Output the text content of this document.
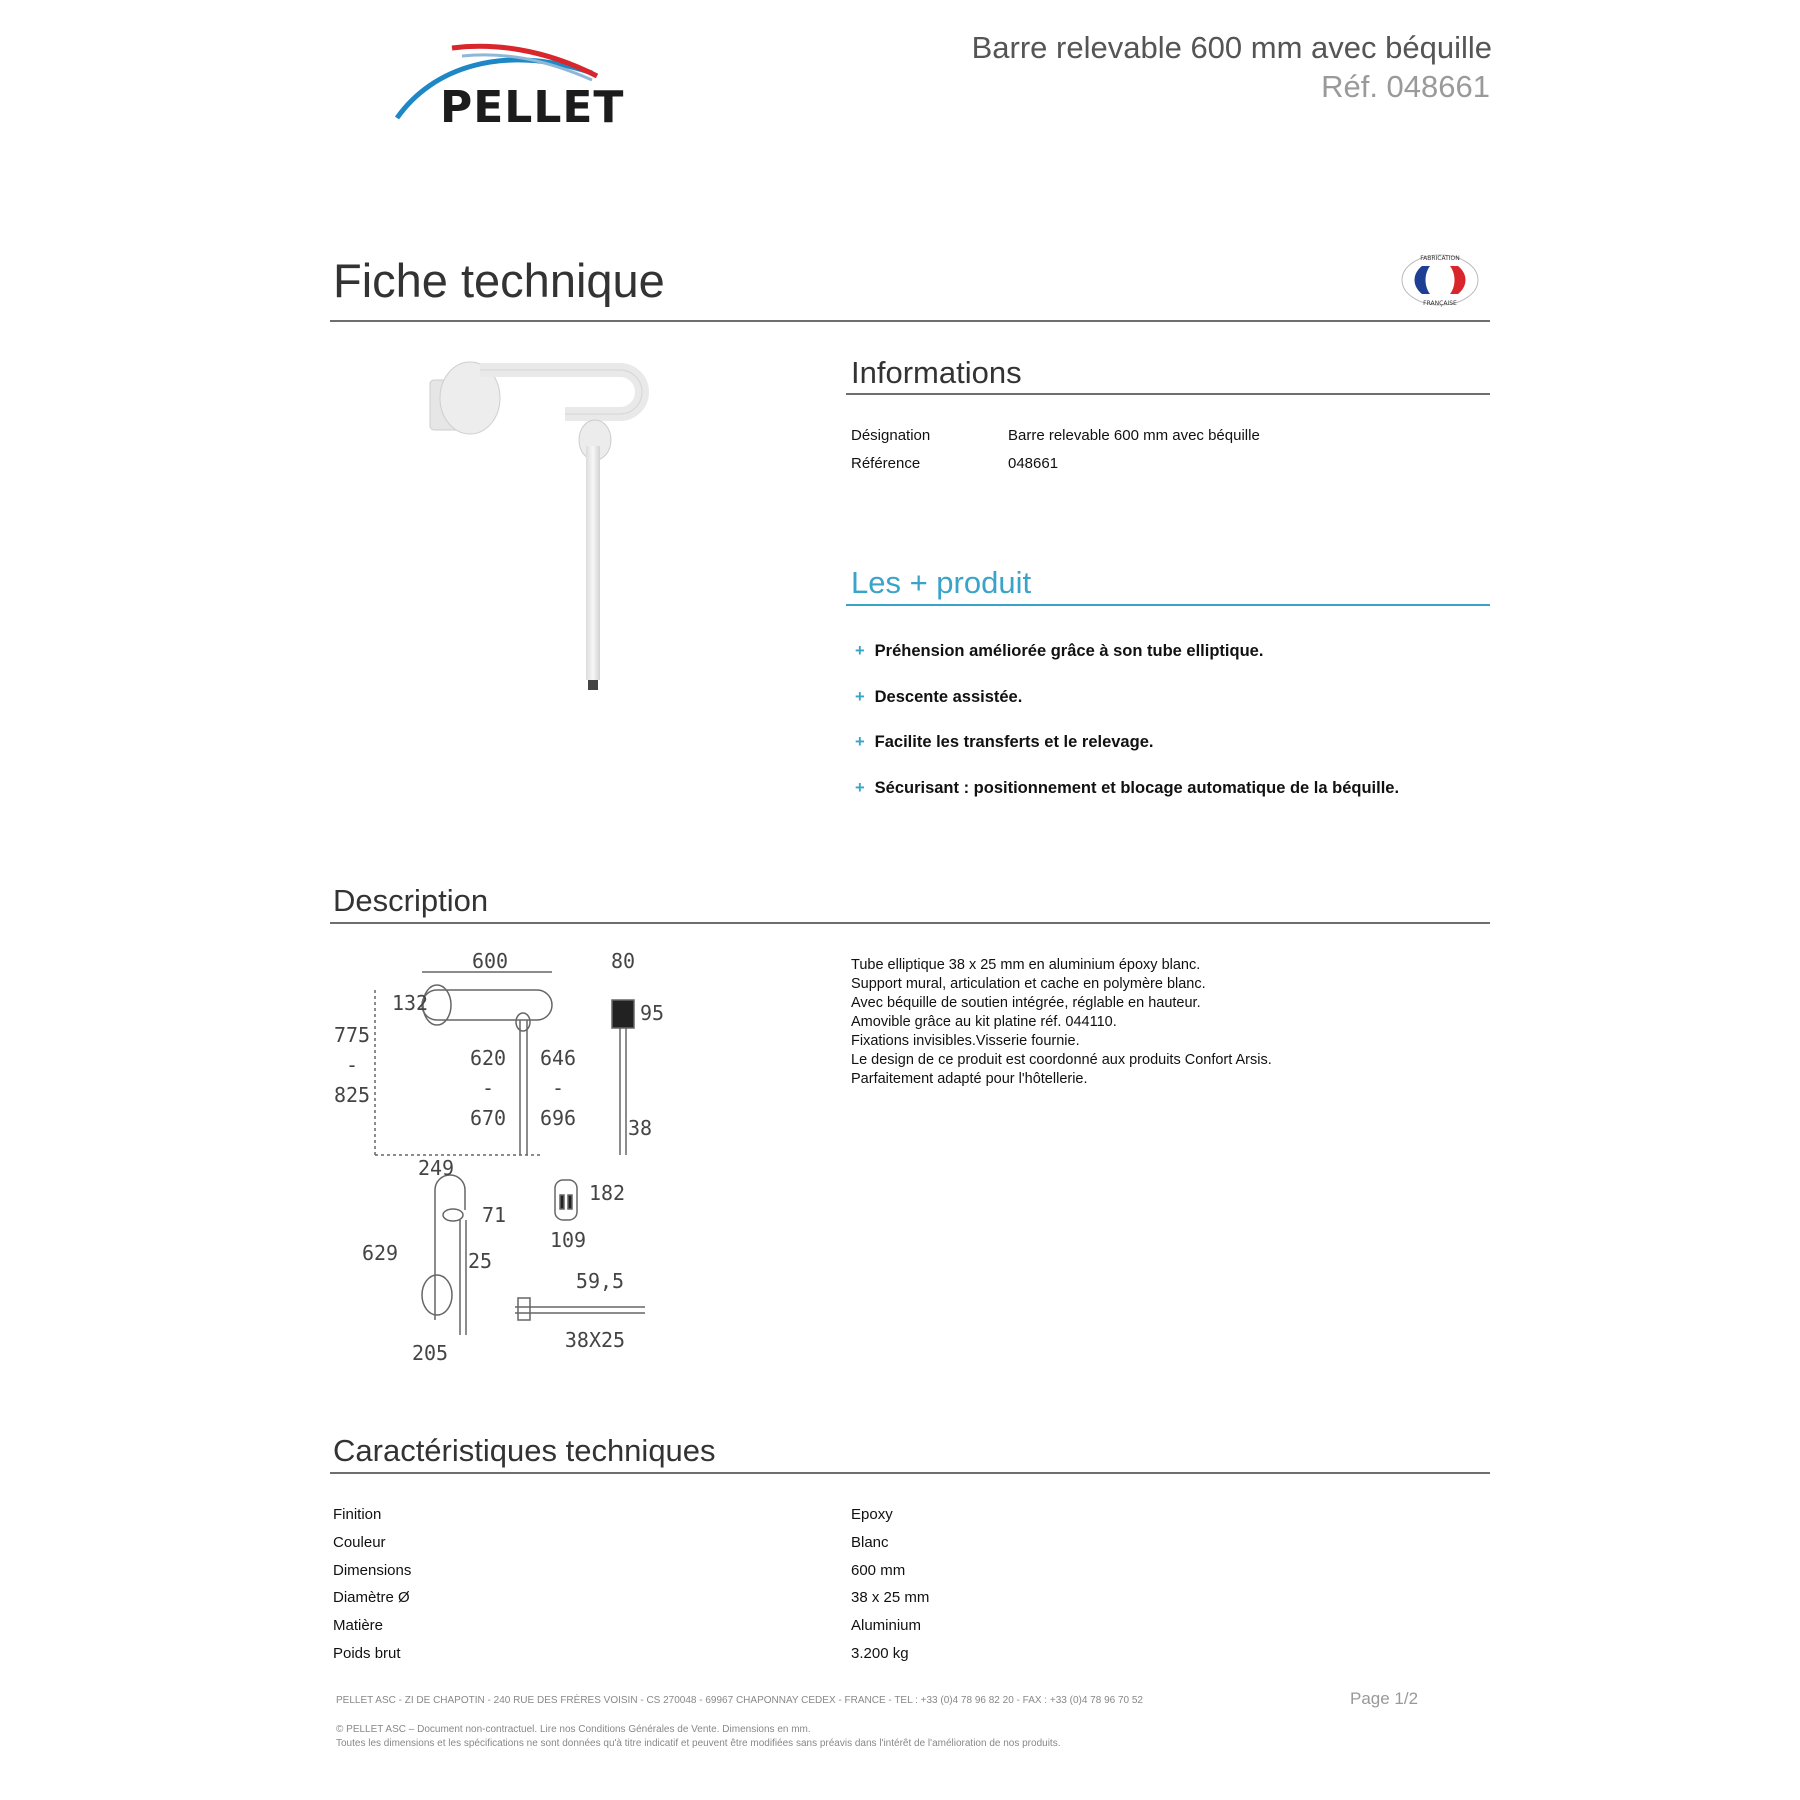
PELLET
Barre relevable 600 mm avec béquille
Réf. 048661
Fiche technique	FABRICATION
FRANÇAISE
Informations
Désignation	Barre relevable 600 mm avec béquille
Référence	048661
Les + produit
+ Préhension améliorée grâce à son tube elliptique.
+ Descente assistée.
+ Facilite les transferts et le relevage.
+ Sécurisant : positionnement et blocage automatique de la béquille.
Description
600	80
132	95
775
-
825
620
-
670
646
-
696	38
249
71
182
629	25
109
59,5
205
38X25
Tube elliptique 38 x 25 mm en aluminium époxy blanc.
Support mural, articulation et cache en polymère blanc.
Avec béquille de soutien intégrée, réglable en hauteur.
Amovible grâce au kit platine réf. 044110.
Fixations invisibles.Visserie fournie.
Le design de ce produit est coordonné aux produits Confort Arsis.
Parfaitement adapté pour l'hôtellerie.
Caractéristiques techniques
Finition	Epoxy
Couleur	Blanc
Dimensions	600 mm
Diamètre Ø	38 x 25 mm
Matière	Aluminium
Poids brut	3.200 kg
PELLET ASC - ZI DE CHAPOTIN - 240 RUE DES FRÈRES VOISIN - CS 270048 - 69967 CHAPONNAY CEDEX - FRANCE - TEL : +33 (0)4 78 96 82 20 - FAX : +33 (0)4 78 96 70 52	Page 1/2
© PELLET ASC – Document non-contractuel. Lire nos Conditions Générales de Vente. Dimensions en mm.
Toutes les dimensions et les spécifications ne sont données qu'à titre indicatif et peuvent être modifiées sans préavis dans l'intérêt de l'amélioration de nos produits.
